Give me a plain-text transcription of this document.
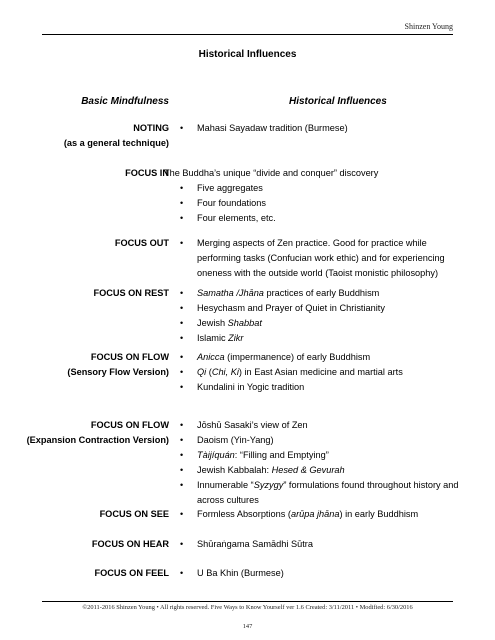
Shinzen Young
Historical Influences
Basic Mindfulness	Historical Influences
NOTING
(as a general technique)
• Mahasi Sayadaw tradition (Burmese)
FOCUS IN
The Buddha’s unique “divide and conquer” discovery
• Five aggregates
• Four foundations
• Four elements, etc.
FOCUS OUT • Merging aspects of Zen practice. Good for practice while performing tasks (Confucian work ethic) and for experiencing oneness with the outside world (Taoist monistic philosophy)
FOCUS ON REST • Samatha /Jhāna practices of early Buddhism
• Hesychasm and Prayer of Quiet in Christianity
• Jewish Shabbat
• Islamic Zikr
FOCUS ON FLOW
(Sensory Flow Version)
• Anicca (impermanence) of early Buddhism
• Qi (Chi, Ki) in East Asian medicine and martial arts
• Kundalini in Yogic tradition
FOCUS ON FLOW
(Expansion Contraction Version)
• Jōshū Sasaki’s view of Zen
• Daoism (Yin-Yang)
• Tàijíquán: “Filling and Emptying”
• Jewish Kabbalah: Hesed & Gevurah
• Innumerable “Syzygy” formulations found throughout history and across cultures
FOCUS ON SEE • Formless Absorptions (arūpa jhāna) in early Buddhism
FOCUS ON HEAR • Shūraṅgama Samādhi Sūtra
FOCUS ON FEEL • U Ba Khin (Burmese)
©2011-2016 Shinzen Young • All rights reserved. Five Ways to Know Yourself ver 1.6 Created: 3/11/2011 • Modified: 6/30/2016
147
